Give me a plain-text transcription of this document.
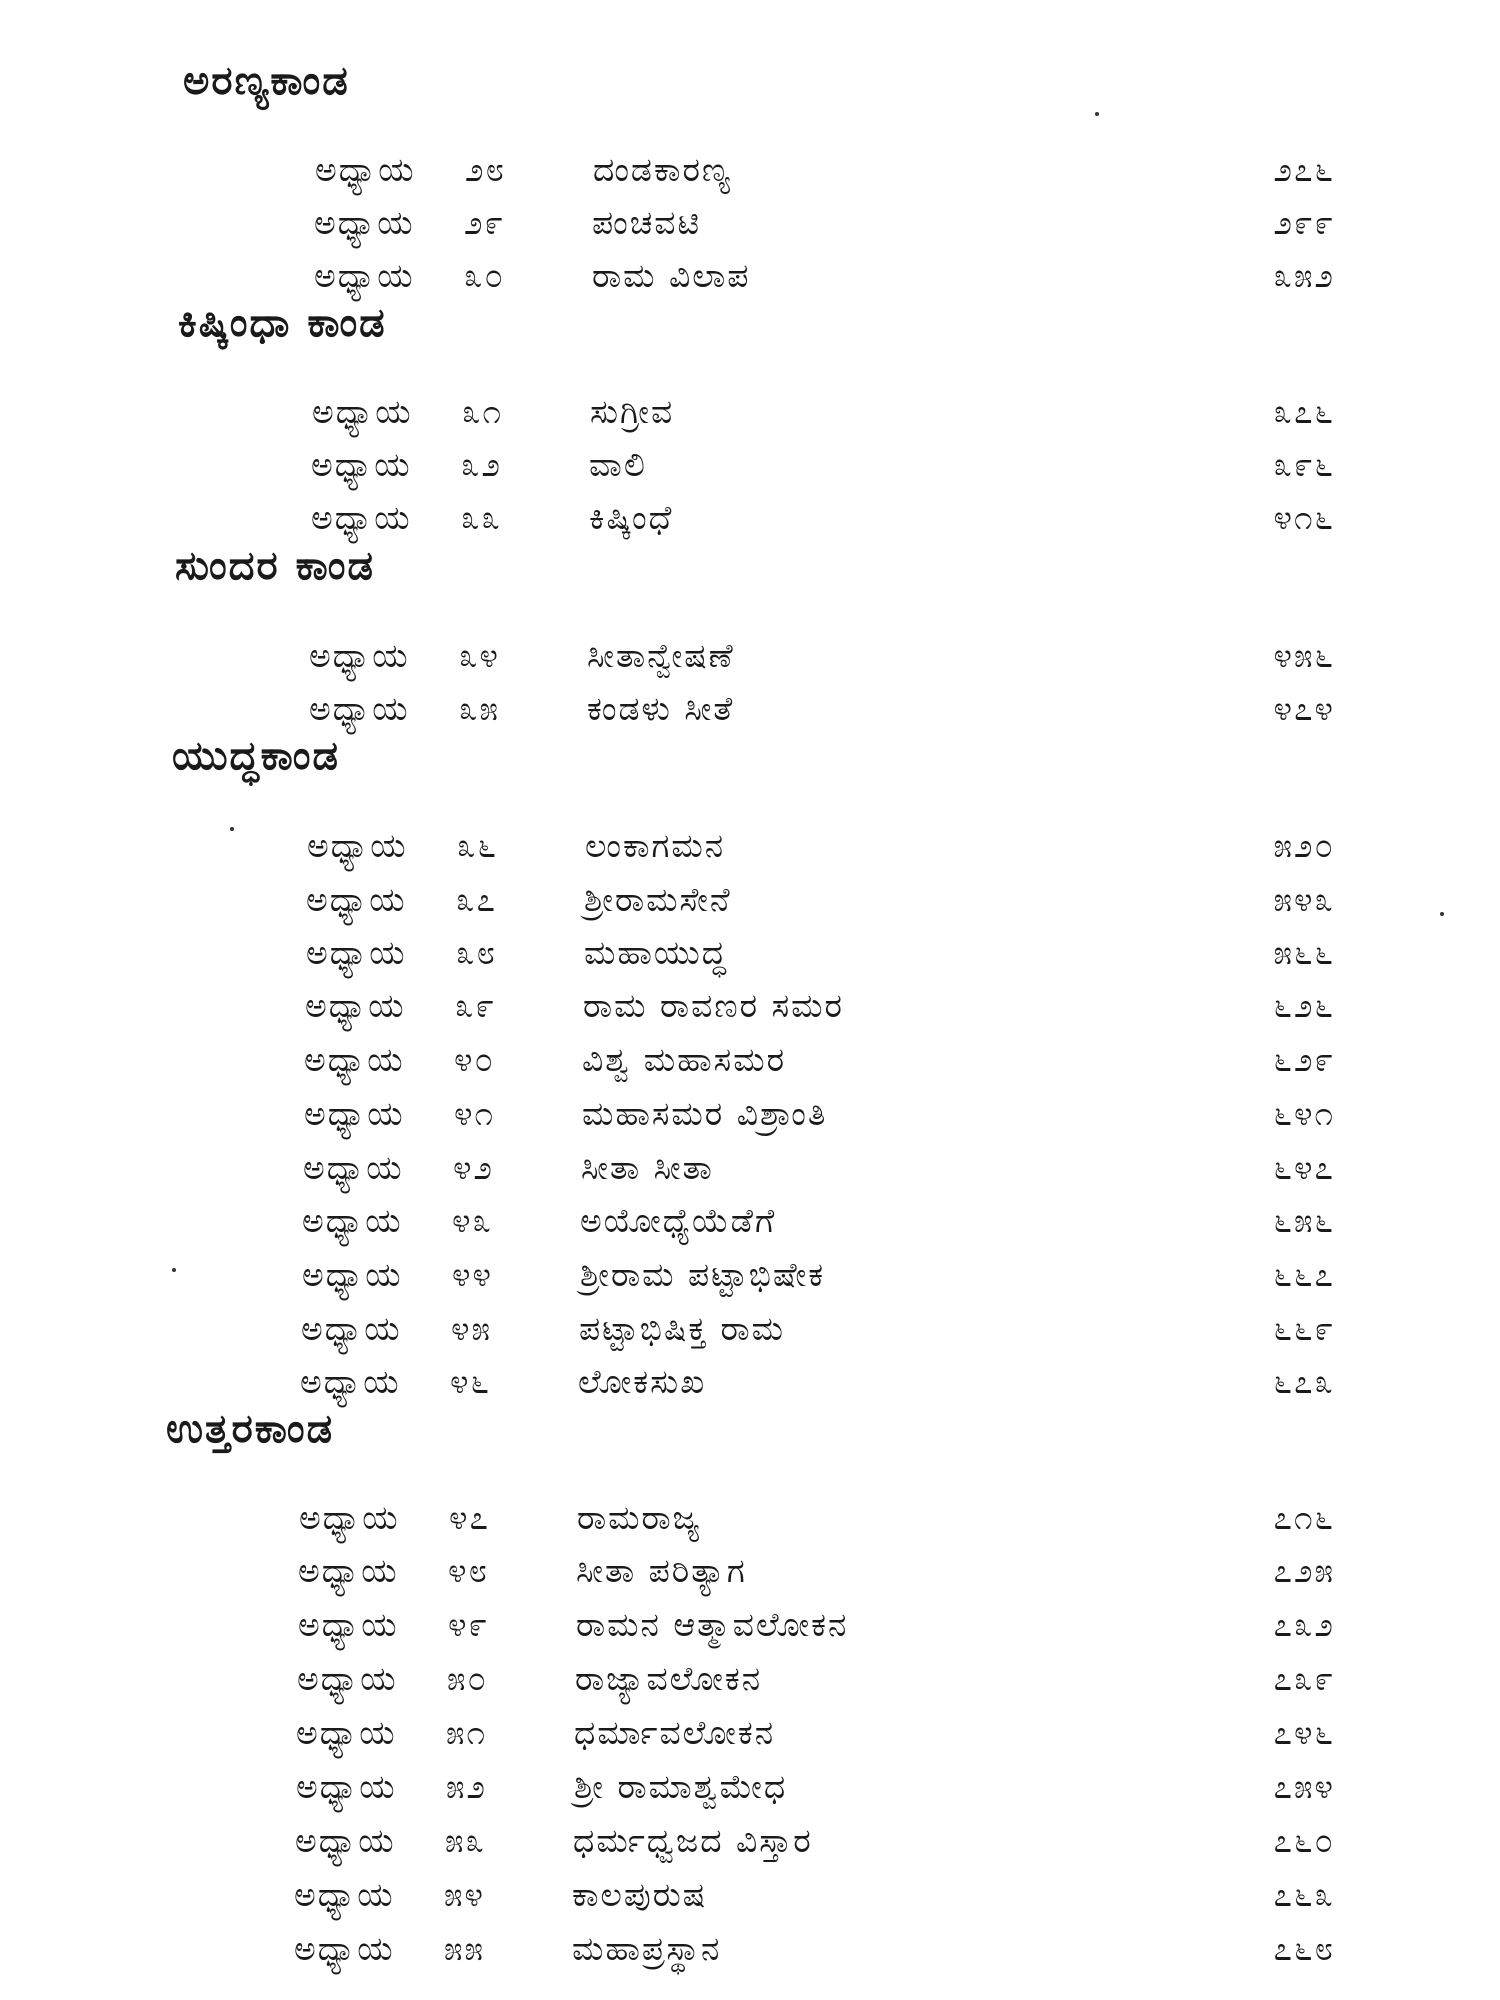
ಅರಣ್ಯಕಾಂಡ
ಅಧ್ಯಾಯ ೨೮	ದಂಡಕಾರಣ್ಯ	೨೭೬
ಅಧ್ಯಾಯ ೨೯	ಪಂಚವಟಿ	೨೯೯
ಅಧ್ಯಾಯ ೩೦	ರಾಮ ವಿಲಾಪ	೩೫೨
ಕಿಷ್ಕಿಂಧಾ ಕಾಂಡ
ಅಧ್ಯಾಯ ೩೧	ಸುಗ್ರೀವ	೩೭೬
ಅಧ್ಯಾಯ ೩೨	ವಾಲಿ	೩೯೬
ಅಧ್ಯಾಯ ೩೩	ಕಿಷ್ಕಿಂಧೆ	೪೧೬
ಸುಂದರ ಕಾಂಡ
ಅಧ್ಯಾಯ ೩೪	ಸೀತಾನ್ವೇಷಣೆ	೪೫೬
ಅಧ್ಯಾಯ ೩೫	ಕಂಡಳು ಸೀತೆ	೪೭೪
ಯುದ್ಧಕಾಂಡ
ಅಧ್ಯಾಯ ೩೬	ಲಂಕಾಗಮನ	೫೨೦
ಅಧ್ಯಾಯ ೩೭	ಶ್ರೀರಾಮಸೇನೆ	೫೪೩
ಅಧ್ಯಾಯ ೩೮	ಮಹಾಯುದ್ಧ	೫೬೬
ಅಧ್ಯಾಯ ೩೯	ರಾಮ ರಾವಣರ ಸಮರ	೬೨೬
ಅಧ್ಯಾಯ ೪೦	ವಿಶ್ವ ಮಹಾಸಮರ	೬೨೯
ಅಧ್ಯಾಯ ೪೧	ಮಹಾಸಮರ ವಿಶ್ರಾಂತಿ	೬೪೧
ಅಧ್ಯಾಯ ೪೨	ಸೀತಾ ಸೀತಾ	೬೪೭
ಅಧ್ಯಾಯ ೪೩	ಅಯೋಧ್ಯೆಯೆಡೆಗೆ	೬೫೬
ಅಧ್ಯಾಯ ೪೪	ಶ್ರೀರಾಮ ಪಟ್ಟಾಭಿಷೇಕ	೬೬೭
ಅಧ್ಯಾಯ ೪೫	ಪಟ್ಟಾಭಿಷಿಕ್ತ ರಾಮ	೬೬೯
ಅಧ್ಯಾಯ ೪೬	ಲೋಕಸುಖ	೬೭೩
ಉತ್ತರಕಾಂಡ
ಅಧ್ಯಾಯ ೪೭	ರಾಮರಾಜ್ಯ	೭೧೬
ಅಧ್ಯಾಯ ೪೮	ಸೀತಾ ಪರಿತ್ಯಾಗ	೭೨೫
ಅಧ್ಯಾಯ ೪೯	ರಾಮನ ಆತ್ಮಾವಲೋಕನ	೭೩೨
ಅಧ್ಯಾಯ ೫೦	ರಾಜ್ಯಾವಲೋಕನ	೭೩೯
ಅಧ್ಯಾಯ ೫೧	ಧರ್ಮಾವಲೋಕನ	೭೪೬
ಅಧ್ಯಾಯ ೫೨	ಶ್ರೀ ರಾಮಾಶ್ವಮೇಧ	೭೫೪
ಅಧ್ಯಾಯ ೫೩	ಧರ್ಮಧ್ವಜದ ವಿಸ್ತಾರ	೭೬೦
ಅಧ್ಯಾಯ ೫೪	ಕಾಲಪುರುಷ	೭೬೩
ಅಧ್ಯಾಯ ೫೫	ಮಹಾಪ್ರಸ್ಥಾನ	೭೬೮
